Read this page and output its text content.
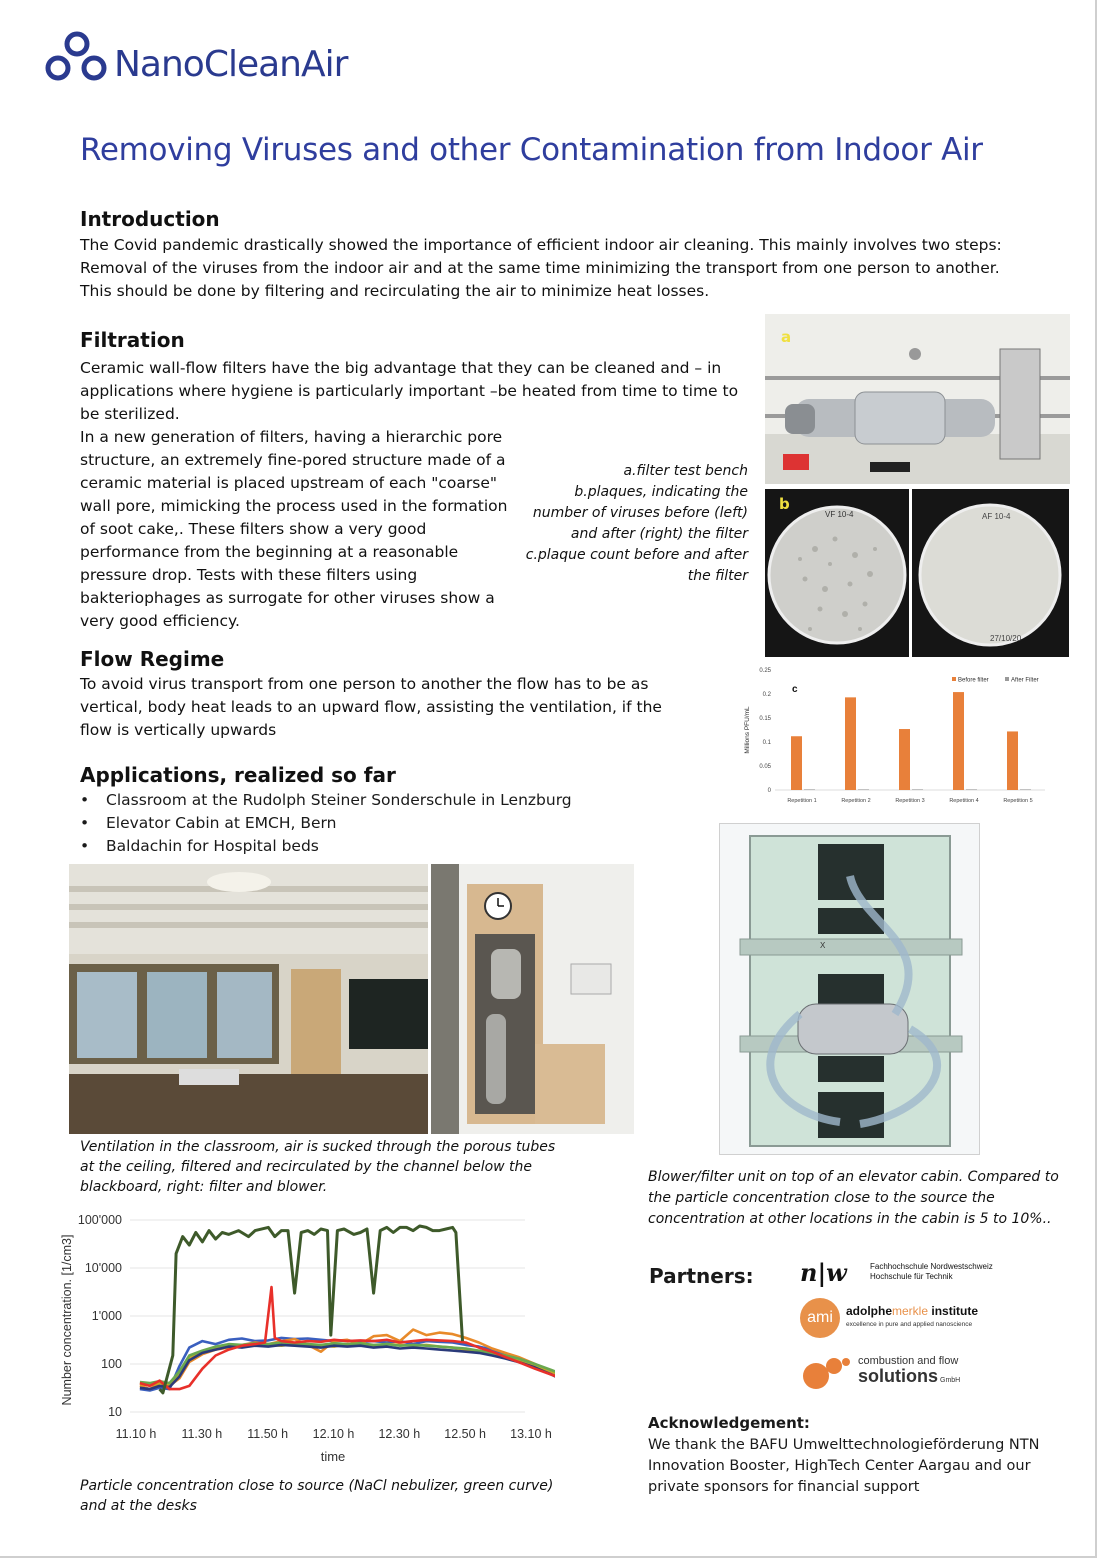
NanoCleanAir
Removing Viruses and other Contamination from Indoor Air
Introduction

The Covid pandemic drastically showed the importance of efficient indoor air cleaning. This mainly involves two steps: Removal of the viruses from the indoor air and at the same time minimizing the transport from one person to another. This should be done by filtering and recirculating the air to minimize heat losses.

Filtration

Ceramic wall-flow filters have the big advantage that they can be cleaned and – in applications where hygiene is particularly important –be heated from time to time to be sterilized.

In a new generation of filters, having a hierarchic pore structure, an extremely fine-pored structure made of a ceramic material is placed upstream of each "coarse" wall pore, mimicking the process used in the formation of soot cake,. These filters show a very good performance from the beginning at a reasonable pressure drop. Tests with these filters using bakteriophages as surrogate for other viruses show a very good efficiency.

a.filter test bench
b.plaques, indicating the number of viruses before (left) and after (right) the filter
c.plaque count before and after the filter
a
VF 10-4
b
AF 10-4
27/10/20
0
0.05
0.1
0.15
0.2
0.25
Millions PFU/mL
c
Repetition 1	Repetition 2	Repetition 3	Repetition 4	Repetition 5
Before filter	After Filter
Flow Regime

To avoid virus transport from one person to another the flow has to be as vertical, body heat leads to an upward flow, assisting the ventilation, if the flow is vertically upwards

Applications, realized so far
• Classroom at the Rudolph Steiner Sonderschule in Lenzburg
• Elevator Cabin at EMCH, Bern
• Baldachin for Hospital beds

Ventilation in the classroom, air is sucked through the porous tubes at the ceiling, filtered and recirculated by the channel below the blackboard, right: filter and blower.

X

Blower/filter unit on top of an elevator cabin. Compared to the particle concentration close to the source the concentration at other locations in the cabin is 5 to 10%..

10
100
1'000
10'000
100'000
11.10 h 11.30 h 11.50 h 12.10 h 12.30 h 12.50 h 13.10 h
time
Number concentration. [1/cm3]

Particle concentration close to source (NaCl nebulizer, green curve) and at the desks

Partners: n|w	Fachhochschule Nordwestschweiz
Hochschule für Technik
ami	adolphemerkle institute
excellence in pure and applied nanoscience
combustion and flow
solutions GmbH
Acknowledgement:

We thank the BAFU Umwelttechnologieförderung NTN Innovation Booster, HighTech Center Aargau and our private sponsors for financial support
